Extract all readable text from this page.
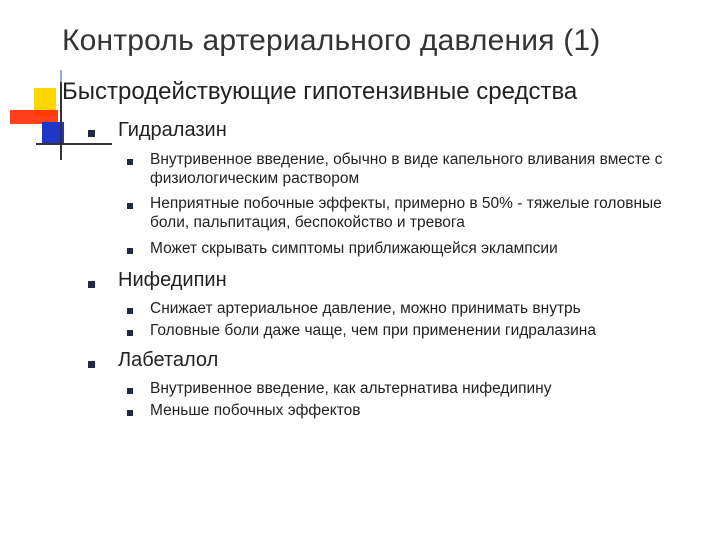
Контроль артериального давления (1)
Быстродействующие гипотензивные средства
Гидралазин
Внутривенное введение, обычно в виде капельного вливания вместе с физиологическим раствором
Неприятные побочные эффекты, примерно в 50% - тяжелые головные боли, пальпитация, беспокойство и тревога
Может скрывать симптомы приближающейся эклампсии
Нифедипин
Снижает артериальное давление, можно принимать внутрь
Головные боли даже чаще, чем при применении гидралазина
Лабеталол
Внутривенное введение, как альтернатива нифедипину
Меньше побочных эффектов
